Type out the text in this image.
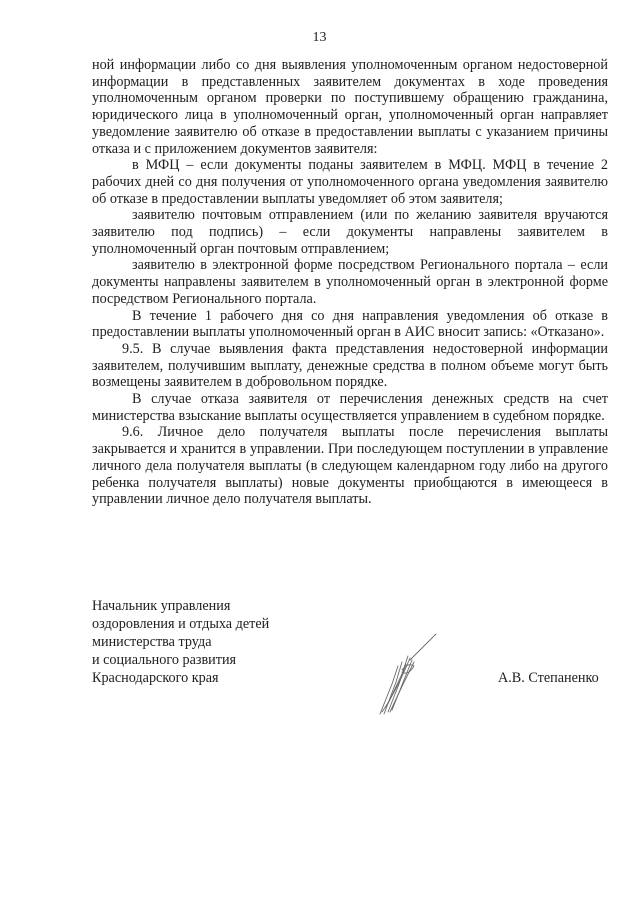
13

ной информации либо со дня выявления уполномоченным органом недостоверной информации в представленных заявителем документах в ходе проведения уполномоченным органом проверки по поступившему обращению гражданина, юридического лица в уполномоченный орган, уполномоченный орган направляет уведомление заявителю об отказе в предоставлении выплаты с указанием причины отказа и с приложением документов заявителя:

в МФЦ – если документы поданы заявителем в МФЦ. МФЦ в течение 2 рабочих дней со дня получения от уполномоченного органа уведомления заявителю об отказе в предоставлении выплаты уведомляет об этом заявителя;

заявителю почтовым отправлением (или по желанию заявителя вручаются заявителю под подпись) – если документы направлены заявителем в уполномоченный орган почтовым отправлением;

заявителю в электронной форме посредством Регионального портала – если документы направлены заявителем в уполномоченный орган в электронной форме посредством Регионального портала.

В течение 1 рабочего дня со дня направления уведомления об отказе в предоставлении выплаты уполномоченный орган в АИС вносит запись: «Отказано».

9.5. В случае выявления факта представления недостоверной информации заявителем, получившим выплату, денежные средства в полном объеме могут быть возмещены заявителем в добровольном порядке.

В случае отказа заявителя от перечисления денежных средств на счет министерства взыскание выплаты осуществляется управлением в судебном порядке.

9.6. Личное дело получателя выплаты после перечисления выплаты закрывается и хранится в управлении. При последующем поступлении в управление личного дела получателя выплаты (в следующем календарном году либо на другого ребенка получателя выплаты) новые документы приобщаются в имеющееся в управлении личное дело получателя выплаты.

Начальник управления
оздоровления и отдыха детей
министерства труда
и социального развития
Краснодарского края	А.В. Степаненко
